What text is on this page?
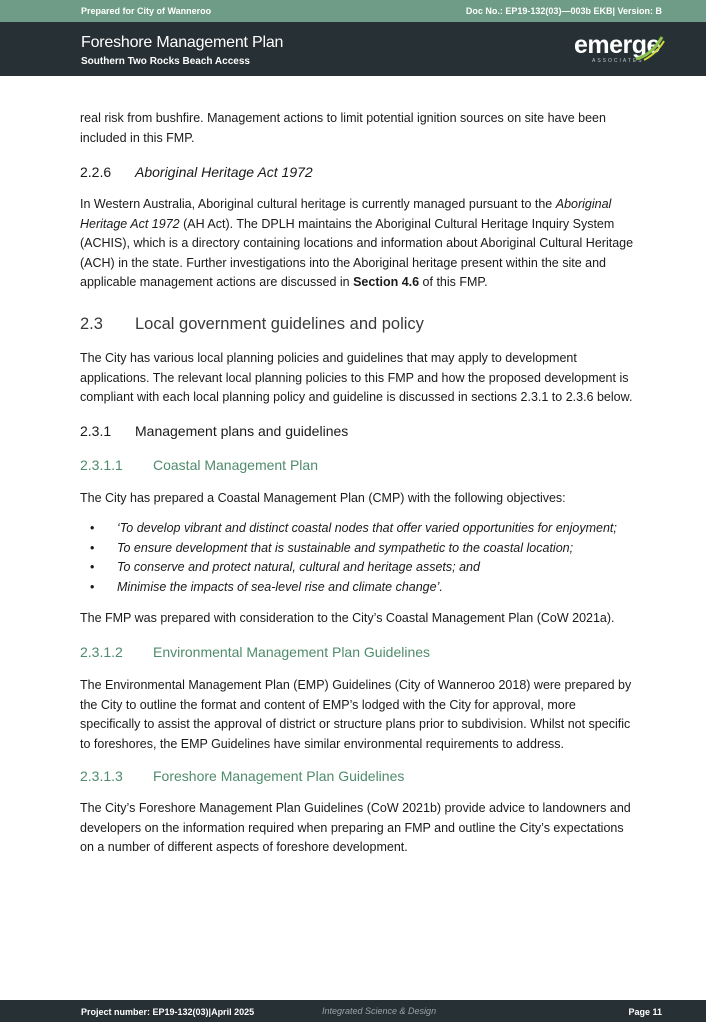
Prepared for City of Wanneroo	Doc No.: EP19-132(03)—003b EKB| Version: B
Foreshore Management Plan
Southern Two Rocks Beach Access
emerge
ASSOCIATES
real risk from bushfire. Management actions to limit potential ignition sources on site have been
included in this FMP.
2.2.6 Aboriginal Heritage Act 1972
In Western Australia, Aboriginal cultural heritage is currently managed pursuant to the Aboriginal
Heritage Act 1972 (AH Act). The DPLH maintains the Aboriginal Cultural Heritage Inquiry System
(ACHIS), which is a directory containing locations and information about Aboriginal Cultural Heritage
(ACH) in the state. Further investigations into the Aboriginal heritage present within the site and
applicable management actions are discussed in Section 4.6 of this FMP.
2.3 Local government guidelines and policy
The City has various local planning policies and guidelines that may apply to development
applications. The relevant local planning policies to this FMP and how the proposed development is
compliant with each local planning policy and guideline is discussed in sections 2.3.1 to 2.3.6 below.
2.3.1 Management plans and guidelines
2.3.1.1 Coastal Management Plan
The City has prepared a Coastal Management Plan (CMP) with the following objectives:
• ‘To develop vibrant and distinct coastal nodes that offer varied opportunities for enjoyment;
• To ensure development that is sustainable and sympathetic to the coastal location;
• To conserve and protect natural, cultural and heritage assets; and
• Minimise the impacts of sea-level rise and climate change’.
The FMP was prepared with consideration to the City’s Coastal Management Plan (CoW 2021a).
2.3.1.2 Environmental Management Plan Guidelines
The Environmental Management Plan (EMP) Guidelines (City of Wanneroo 2018) were prepared by
the City to outline the format and content of EMP’s lodged with the City for approval, more
specifically to assist the approval of district or structure plans prior to subdivision. Whilst not specific
to foreshores, the EMP Guidelines have similar environmental requirements to address.
2.3.1.3 Foreshore Management Plan Guidelines
The City’s Foreshore Management Plan Guidelines (CoW 2021b) provide advice to landowners and
developers on the information required when preparing an FMP and outline the City’s expectations
on a number of different aspects of foreshore development.
Project number: EP19-132(03)|April 2025	Integrated Science & Design	Page 11
